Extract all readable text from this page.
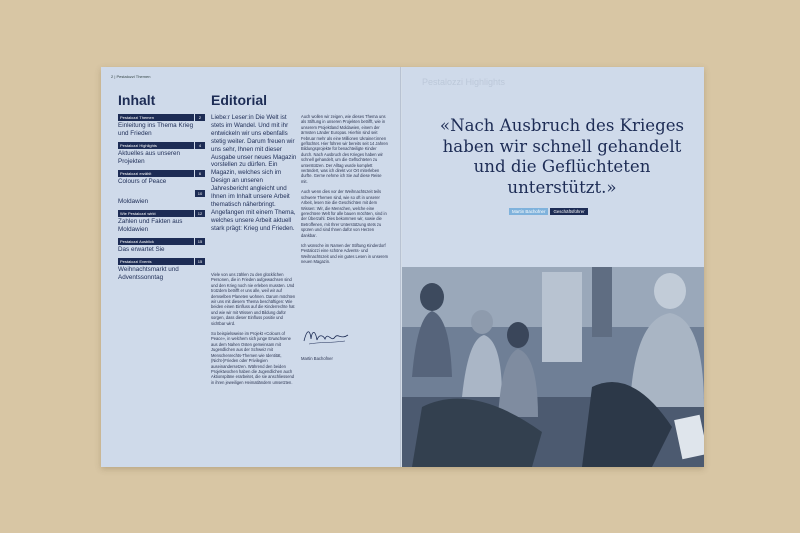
2 | Pestalozzi Themen
Inhalt	Editorial
Pestalozzi Themen	2
Einleitung ins Thema Krieg und Frieden
Pestalozzi Highlights	4
Aktuelles aus unseren Projekten
Pestalozzi erzählt	6
Colours of Peace
10
Moldawien
Wie Pestalozzi wirkt	12
Zahlen und Fakten aus Moldawien
Pestalozzi Ausblick	15
Das erwartet Sie
Pestalozzi Events	15
Weihnachtsmarkt und Adventssonntag
Liebe:r Leser:in Die Welt ist stets im Wandel. Und mit ihr entwickeln wir uns ebenfalls stetig weiter. Darum freuen wir uns sehr, Ihnen mit dieser Ausgabe unser neues Magazin vorstellen zu dürfen. Ein Magazin, welches sich im Design an unseren Jahresbericht angleicht und Ihnen im Inhalt unsere Arbeit thematisch näherbringt. Angefangen mit einem Thema, welches unsere Arbeit aktuell stark prägt: Krieg und Frieden.

Viele von uns zählen zu den glücklichen Personen, die in Frieden aufgewachsen sind und den Krieg noch nie erleben mussten. Und trotzdem betrifft er uns alle, weil wir auf demselben Planeten wohnen. Darum möchten wir uns mit diesem Thema beschäftigen: Wie beiden einen Einfluss auf die Kinderrechte hat und wie wir mit Wissen und Bildung dafür sorgen, dass dieser Einfluss positiv und sichtbar wird.

So beispielsweise im Projekt «Colours of Peace», in welchem sich junge Erwachsene aus dem Nahen Osten gemeinsam mit Jugendlichen aus der Schweiz mit Menschenrechts-Themen wie Identität, (Nicht-)Frieden oder Privilegien auseinandersetzen. Während den beiden Projektwochen haben die Jugendlichen auch Aktionspläne erarbeitet, die sie anschliessend in ihren jeweiligen Heimatländern umsetzten.

Auch wollen wir zeigen, wie dieses Thema uns als Stiftung in unseren Projekten betrifft, wie in unserem Projektland Moldawien, einem der ärmsten Länder Europas. Hierhin sind seit Februar mehr als eine Millionen Ukrainer:innen geflüchtet. Hier führen wir bereits seit 14 Jahren Bildungsprojekte für benachteiligte Kinder durch. Nach Ausbruch des Krieges haben wir schnell gehandelt, um die Geflüchteten zu unterstützen. Der Alltag wurde komplett verändert, was ich direkt vor Ort miterleben durfte. Gerne nehme ich Sie auf diese Reise mit.

Auch wenn dies vor der Weihnachtszeit teils schwere Themen sind, wie so oft in unserer Arbeit, lesen Sie die Geschichten mit dem Wissen: Wir, die Menschen, welche eine gerechtere Welt für alle bauen möchten, sind in der Überzahl. Dies bekommen wir, sowie die Betroffenen, mit Ihrer Unterstützung stets zu spüren und sind Ihnen dafür von Herzen dankbar.

Ich wünsche im Namen der Stiftung Kinderdorf Pestalozzi eine schöne Advents- und Weihnachtszeit und ein gutes Lesen in unserem neuen Magazin.

Martin Bachofner
Pestalozzi Highlights

«Nach Ausbruch des Krieges haben wir schnell gehandelt und die Geflüchteten unterstützt.»

Martin Bachofner	Geschäftsführer
